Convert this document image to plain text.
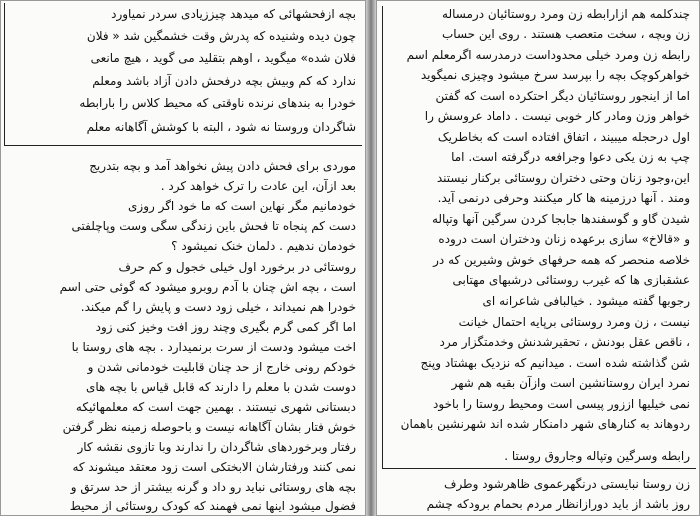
بچه ازفحشهائی که میدهد چیززیادی سردر نمیاورد
چون دیده وشنیده که پدرش وقت خشمگین شد « فلان
فلان شده» میگوید ، اوهم بتقلید می گوید ، هیچ مانعی
ندارد که کم وبیش بچه درفحش دادن آزاد باشد ومعلم
خودرا به بندهای نرنده ناوقتی که محیط کلاس را بارابطه
شاگردان وروستا نه شود ، البته با کوشش آگاهانه معلم
موردی برای فحش دادن پیش نخواهد آمد و بچه بتدریج
بعد ازآن، این عادت را ترک خواهد کرد .
خودمانیم مگر نهاین است که ما خود اگر روزی
دست کم پنجاه تا فحش باین زندگی سگی وست وپاچلفتی
خودمان ندهیم . دلمان خنک نمیشود ؟
روستائی در برخورد اول خیلی خجول و کم حرف
است ، بچه اش چنان با آدم روبرو میشود که گوئی حتی اسم
خودرا هم نمیداند ، خیلی زود دست و پایش را گم میکند.
اما اگر کمی گرم بگیری وچند روز افت وخیز کنی زود
اخت میشود ودست از سرت برنمیدارد . بچه های روستا با
خودکم رونی خارج از حد چنان قابلیت خودمانی شدن و
دوست شدن با معلم را دارند که قابل قیاس با بچه های
دبستانی شهری نیستند . بهمین جهت است که معلمهائیکه
خوش فتار بشان آگاهانه نیست و باحوصله زمینه نظر گرفتن
رفتار وبرخوردهای شاگردان را ندارند وبا تازوی نقشه کار
نمی کنند ورفتارشان الابختکی است زود معتقد میشوند که
بچه های روستائی نباید رو داد و گرنه بیشتر از حد سرتق و
فضول میشود اینها نمی فهمند که کودک روستائی از محیط
چندکلمه هم ازارابطه زن ومرد روستائیان درمساله
زن وبچه ، سخت متعصب هستند . روی این حساب
رابطه زن ومرد خیلی محدوداست درمدرسه اگرمعلم اسم
خواهرکوچک بچه را بپرسد سرخ میشود وچیزی نمیگوید
اما از اینجور روستائیان دیگر احتکرده است که گفتن
خواهر وزن ومادر کار خوبی نیست . داماد عروسش را
اول درحجله میبیند ، اتفاق افتاده است که بخاطریک
چپ به زن یکی دعوا وجرافعه درگرفته است. اما
این،وجود زنان وحتی دختران روستائی برکنار نیستند
ومند . آنها درزمینه ها کار میکنند وحرفی درنمی آید.
شیدن گاو و گوسفندها جابجا کردن سرگین آنها وتپاله
و «قالاخ» سازی برعهده زنان ودختران است دروده
خلاصه منحصر که همه حرفهای خوش وشیرین که در
عشقبازی ها که غیرب روستائی درشبهای مهتابی
رجوبها گفته میشود . خیالبافی شاعرانه ای
نیست ، زن ومرد روستائی برپایه احتمال خیانت
، ناقص عقل بودنش ، تحقیرشدنش وخدمتگزار مرد
شن گذاشته شده است . میدانیم که نزدیک بهشتاد وپنج
نمرد ایران روستانشین است وازآن بقیه هم شهر
نمی خیلیها اززور پیسی است ومحیط روستا را باخود
ردوهاند به کنارهای شهر دامنکار شده اند شهرنشین باهمان
رابطه وسرگین وتپاله وجاروق روستا .
زن روستا نبایستی درنگهرعموی ظاهرشود وطرف
روز باشد از باید دورازانظار مردم بحمام برودکه چشم
